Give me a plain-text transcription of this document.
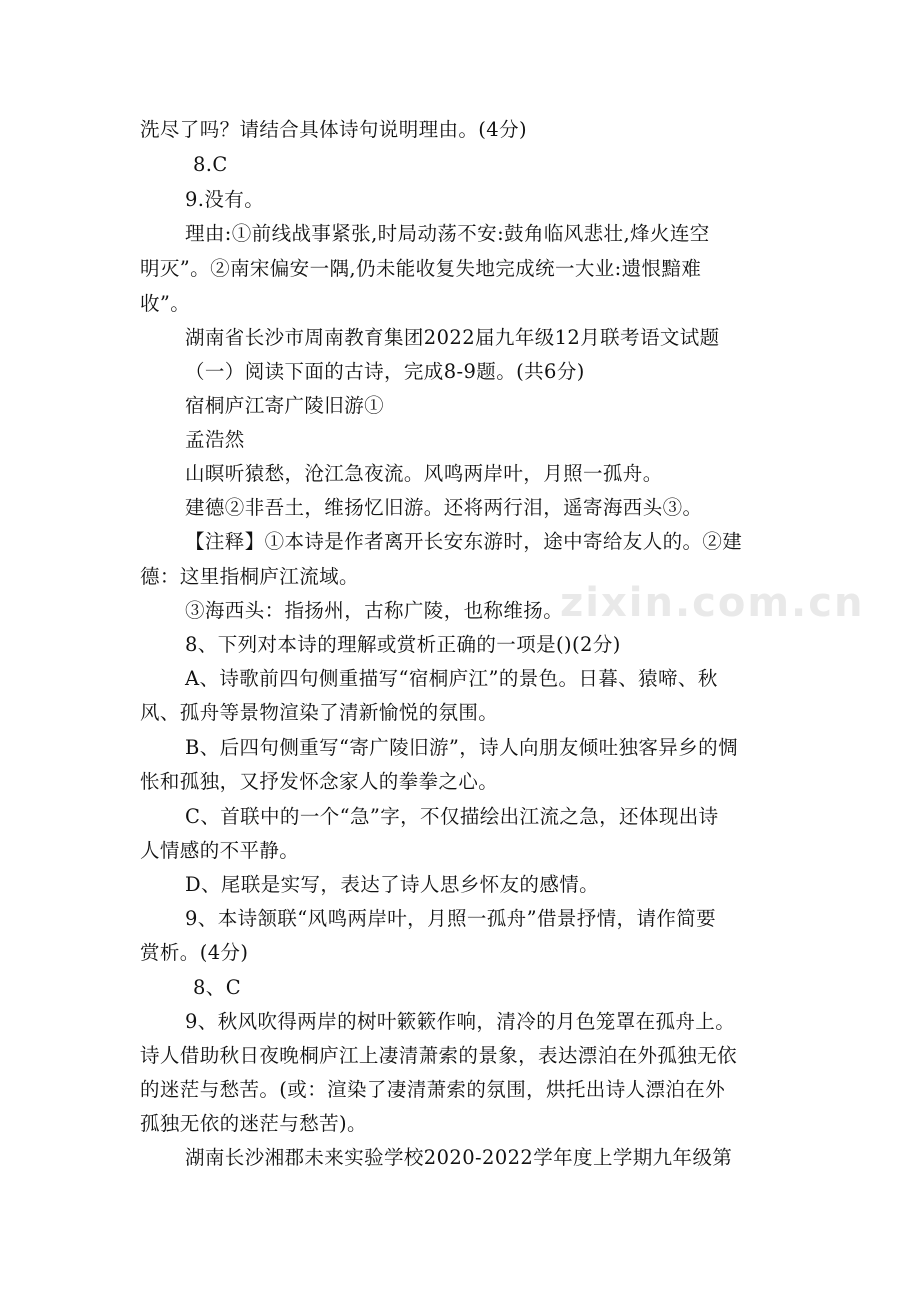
zixin.com.cn
洗尽了吗？请结合具体诗句说明理由。(4分)
8.C
9.没有。
理由:①前线战事紧张,时局动荡不安:鼓角临风悲壮,烽火连空
明灭”。②南宋偏安一隅,仍未能收复失地完成统一大业:遗恨黯难
收”。
湖南省长沙市周南教育集团2022届九年级12月联考语文试题
（一）阅读下面的古诗，完成8-9题。(共6分)
宿桐庐江寄广陵旧游①
孟浩然
山暝听猿愁，沧江急夜流。风鸣两岸叶，月照一孤舟。
建德②非吾土，维扬忆旧游。还将两行泪，遥寄海西头③。
【注释】①本诗是作者离开长安东游时，途中寄给友人的。②建
德：这里指桐庐江流域。
③海西头：指扬州，古称广陵，也称维扬。
8、下列对本诗的理解或赏析正确的一项是()(2分)
A、诗歌前四句侧重描写“宿桐庐江”的景色。日暮、猿啼、秋
风、孤舟等景物渲染了清新愉悦的氛围。
B、后四句侧重写“寄广陵旧游”，诗人向朋友倾吐独客异乡的惆
怅和孤独，又抒发怀念家人的拳拳之心。
C、首联中的一个“急”字，不仅描绘出江流之急，还体现出诗
人情感的不平静。
D、尾联是实写，表达了诗人思乡怀友的感情。
9、本诗颔联“风鸣两岸叶，月照一孤舟”借景抒情，请作简要
赏析。(4分)
8、C
9、秋风吹得两岸的树叶簌簌作响，清冷的月色笼罩在孤舟上。
诗人借助秋日夜晚桐庐江上凄清萧索的景象，表达漂泊在外孤独无依
的迷茫与愁苦。(或：渲染了凄清萧索的氛围，烘托出诗人漂泊在外
孤独无依的迷茫与愁苦)。
湖南长沙湘郡未来实验学校2020-2022学年度上学期九年级第
